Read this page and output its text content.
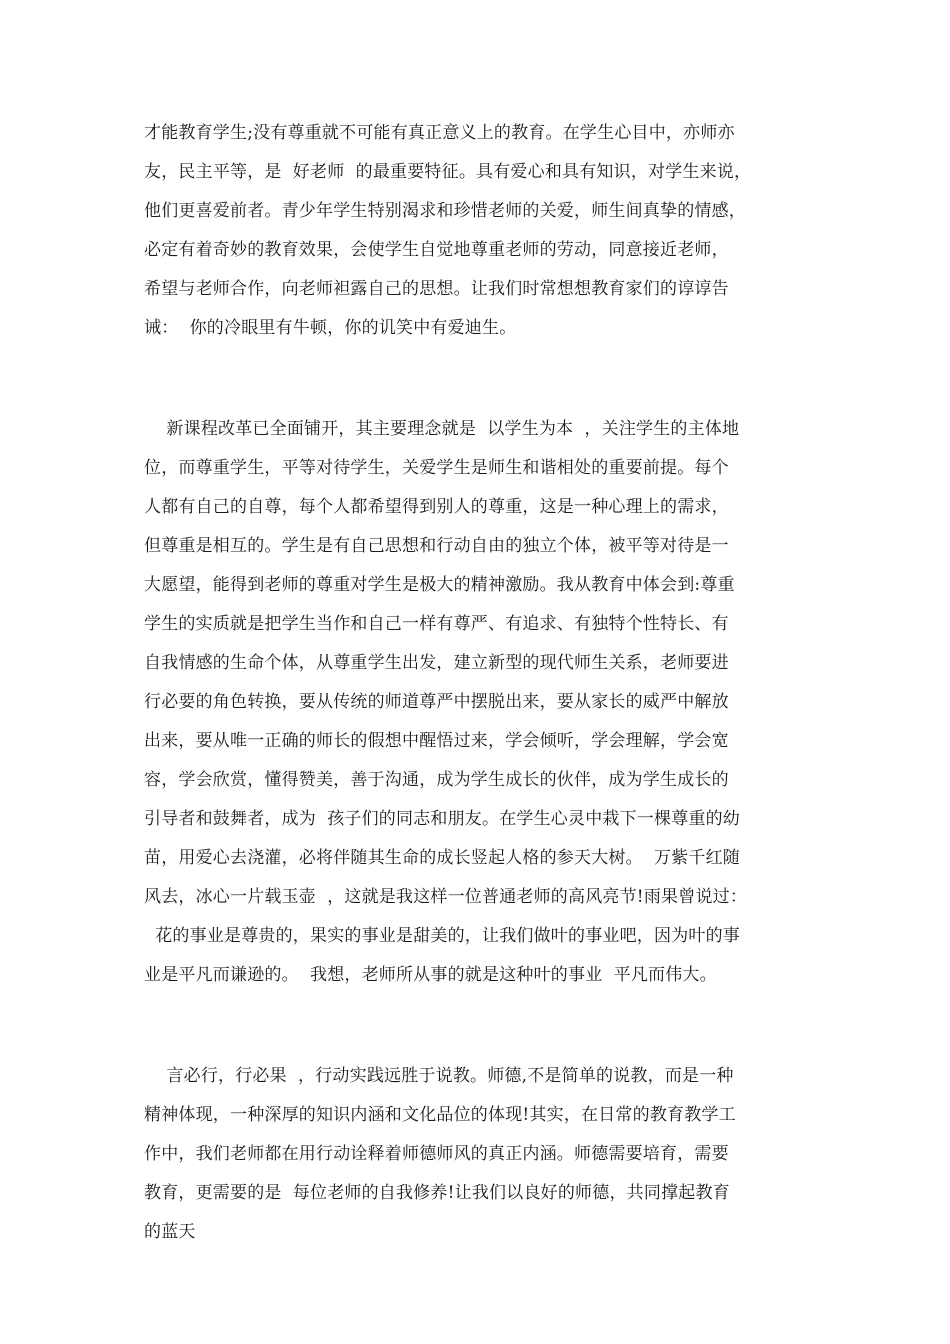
才能教育学生;没有尊重就不可能有真正意义上的教育。在学生心目中，亦师亦

友，民主平等，是  好老师  的最重要特征。具有爱心和具有知识，对学生来说，

他们更喜爱前者。青少年学生特别渴求和珍惜老师的关爱，师生间真挚的情感，

必定有着奇妙的教育效果，会使学生自觉地尊重老师的劳动，同意接近老师，

希望与老师合作，向老师袒露自己的思想。让我们时常想想教育家们的谆谆告

诫：  你的冷眼里有牛顿，你的讥笑中有爱迪生。

新课程改革已全面铺开，其主要理念就是  以学生为本  ，关注学生的主体地

位，而尊重学生，平等对待学生，关爱学生是师生和谐相处的重要前提。每个

人都有自己的自尊，每个人都希望得到别人的尊重，这是一种心理上的需求，

但尊重是相互的。学生是有自己思想和行动自由的独立个体，被平等对待是一

大愿望，能得到老师的尊重对学生是极大的精神激励。我从教育中体会到:尊重

学生的实质就是把学生当作和自己一样有尊严、有追求、有独特个性特长、有

自我情感的生命个体，从尊重学生出发，建立新型的现代师生关系，老师要进

行必要的角色转换，要从传统的师道尊严中摆脱出来，要从家长的威严中解放

出来，要从唯一正确的师长的假想中醒悟过来，学会倾听，学会理解，学会宽

容，学会欣赏，懂得赞美，善于沟通，成为学生成长的伙伴，成为学生成长的

引导者和鼓舞者，成为  孩子们的同志和朋友。在学生心灵中栽下一棵尊重的幼

苗，用爱心去浇灌，必将伴随其生命的成长竖起人格的参天大树。  万紫千红随

风去，冰心一片载玉壶  ，这就是我这样一位普通老师的高风亮节!雨果曾说过：

花的事业是尊贵的，果实的事业是甜美的，让我们做叶的事业吧，因为叶的事

业是平凡而谦逊的。  我想，老师所从事的就是这种叶的事业  平凡而伟大。

言必行，行必果  ，行动实践远胜于说教。师德,不是简单的说教，而是一种

精神体现，一种深厚的知识内涵和文化品位的体现!其实，在日常的教育教学工

作中，我们老师都在用行动诠释着师德师风的真正内涵。师德需要培育，需要

教育，更需要的是  每位老师的自我修养!让我们以良好的师德，共同撑起教育

的蓝天
